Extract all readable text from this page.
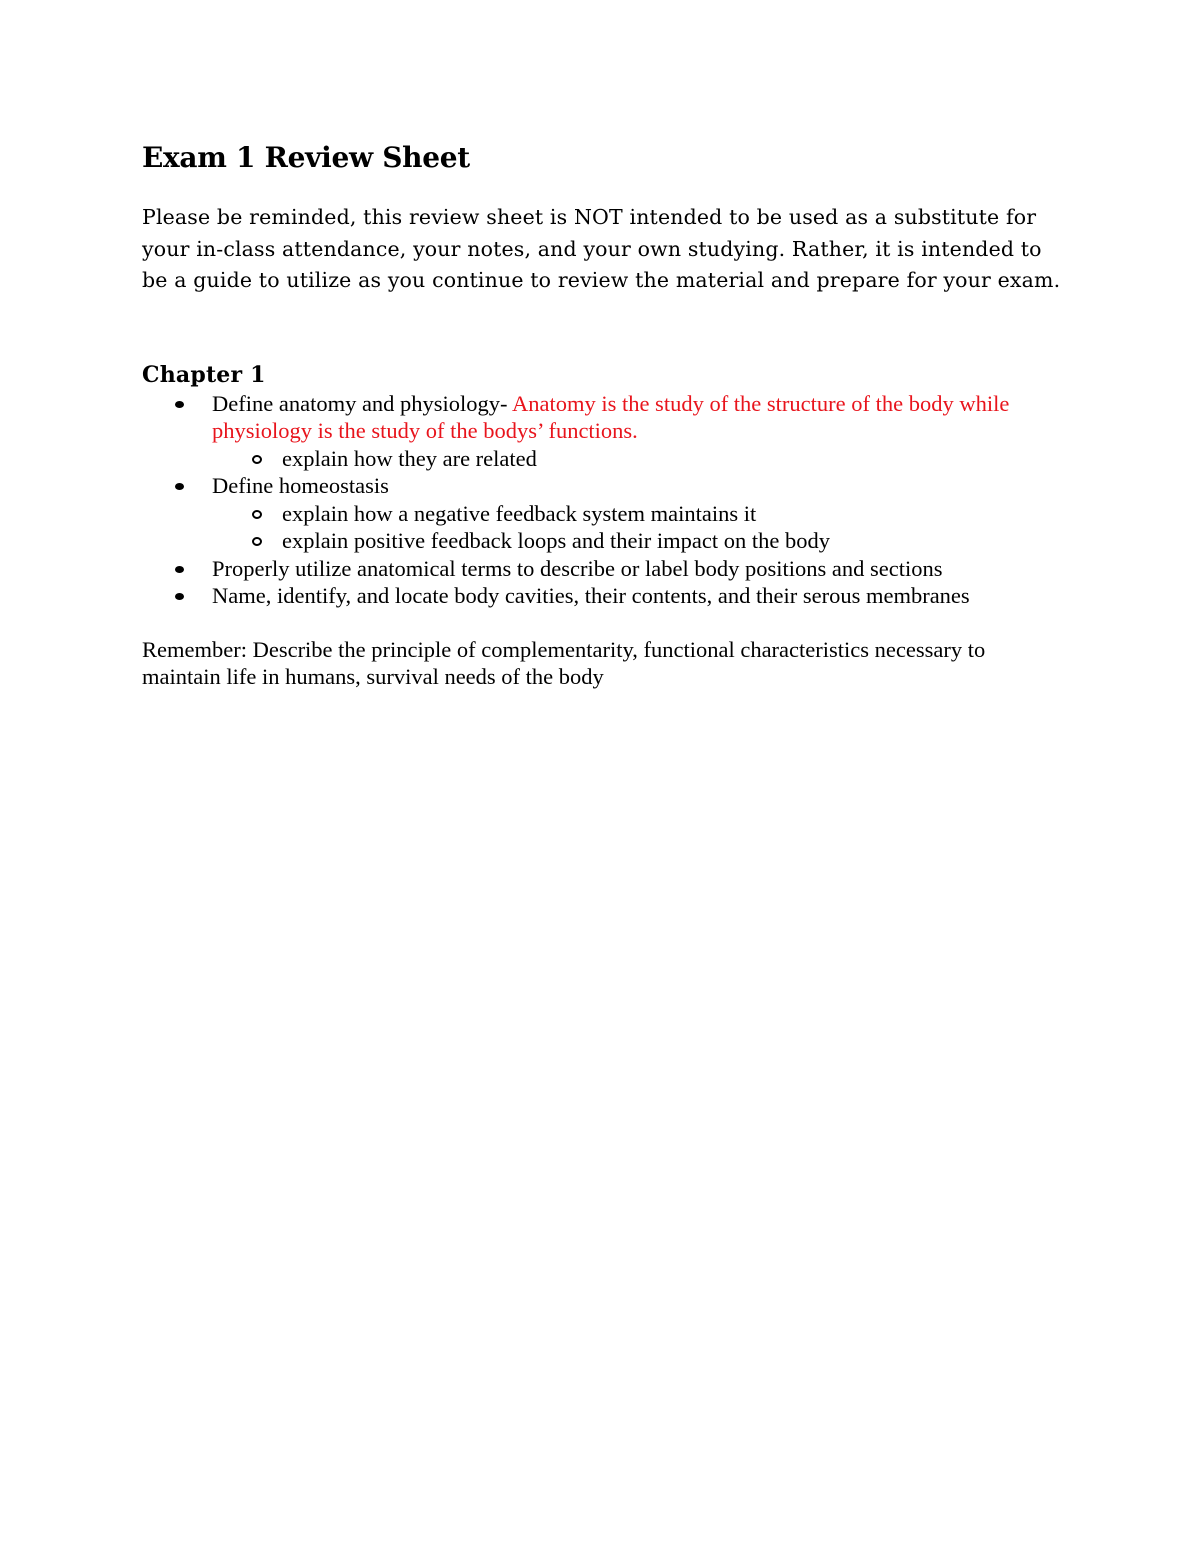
Exam 1 Review Sheet

Please be reminded, this review sheet is NOT intended to be used as a substitute for your in-class attendance, your notes, and your own studying. Rather, it is intended to be a guide to utilize as you continue to review the material and prepare for your exam.

Chapter 1
Define anatomy and physiology- Anatomy is the study of the structure of the body while physiology is the study of the bodys’ functions.
explain how they are related
Define homeostasis
explain how a negative feedback system maintains it
explain positive feedback loops and their impact on the body
Properly utilize anatomical terms to describe or label body positions and sections
Name, identify, and locate body cavities, their contents, and their serous membranes

Remember: Describe the principle of complementarity, functional characteristics necessary to maintain life in humans, survival needs of the body
